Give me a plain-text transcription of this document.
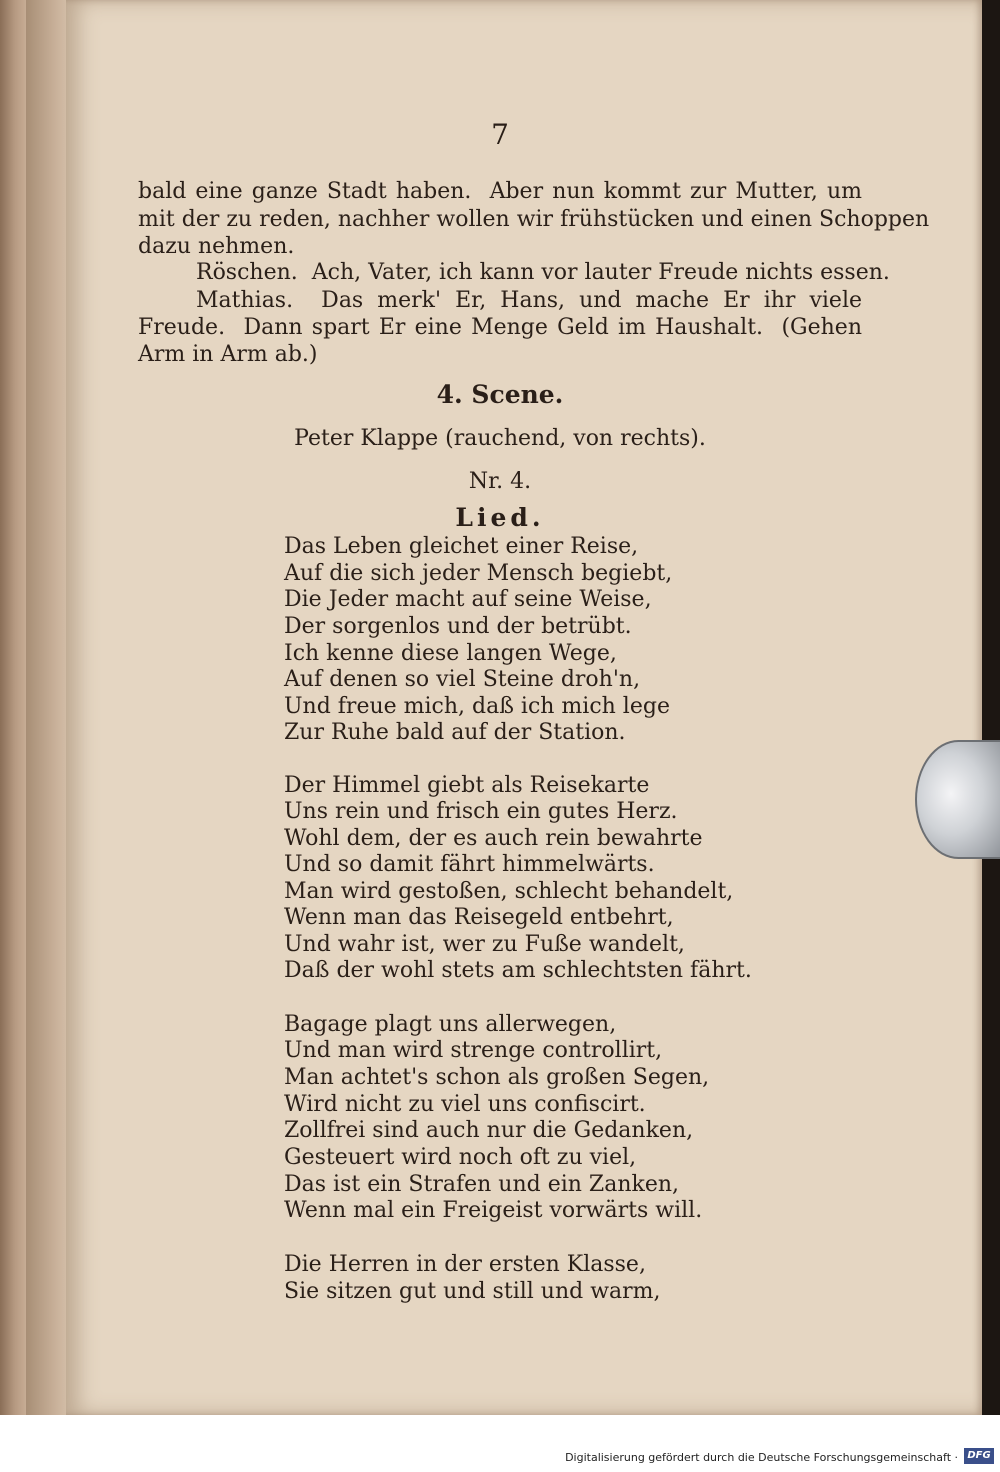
7
bald eine ganze Stadt haben.  Aber nun kommt zur Mutter, um
mit der zu reden, nachher wollen wir frühstücken und einen Schoppen
dazu nehmen.
Röschen.  Ach, Vater, ich kann vor lauter Freude nichts essen.
Mathias.  Das merk' Er, Hans, und mache Er ihr viele
Freude.  Dann spart Er eine Menge Geld im Haushalt.  (Gehen
Arm in Arm ab.)
4. Scene.
Peter Klappe (rauchend, von rechts).
Nr. 4.
Lied.
Das Leben gleichet einer Reise,
Auf die sich jeder Mensch begiebt,
Die Jeder macht auf seine Weise,
Der sorgenlos und der betrübt.
Ich kenne diese langen Wege,
Auf denen so viel Steine droh'n,
Und freue mich, daß ich mich lege
Zur Ruhe bald auf der Station.
Der Himmel giebt als Reisekarte
Uns rein und frisch ein gutes Herz.
Wohl dem, der es auch rein bewahrte
Und so damit fährt himmelwärts.
Man wird gestoßen, schlecht behandelt,
Wenn man das Reisegeld entbehrt,
Und wahr ist, wer zu Fuße wandelt,
Daß der wohl stets am schlechtsten fährt.
Bagage plagt uns allerwegen,
Und man wird strenge controllirt,
Man achtet's schon als großen Segen,
Wird nicht zu viel uns confiscirt.
Zollfrei sind auch nur die Gedanken,
Gesteuert wird noch oft zu viel,
Das ist ein Strafen und ein Zanken,
Wenn mal ein Freigeist vorwärts will.
Die Herren in der ersten Klasse,
Sie sitzen gut und still und warm,
Digitalisierung gefördert durch die Deutsche Forschungsgemeinschaft · DFG
